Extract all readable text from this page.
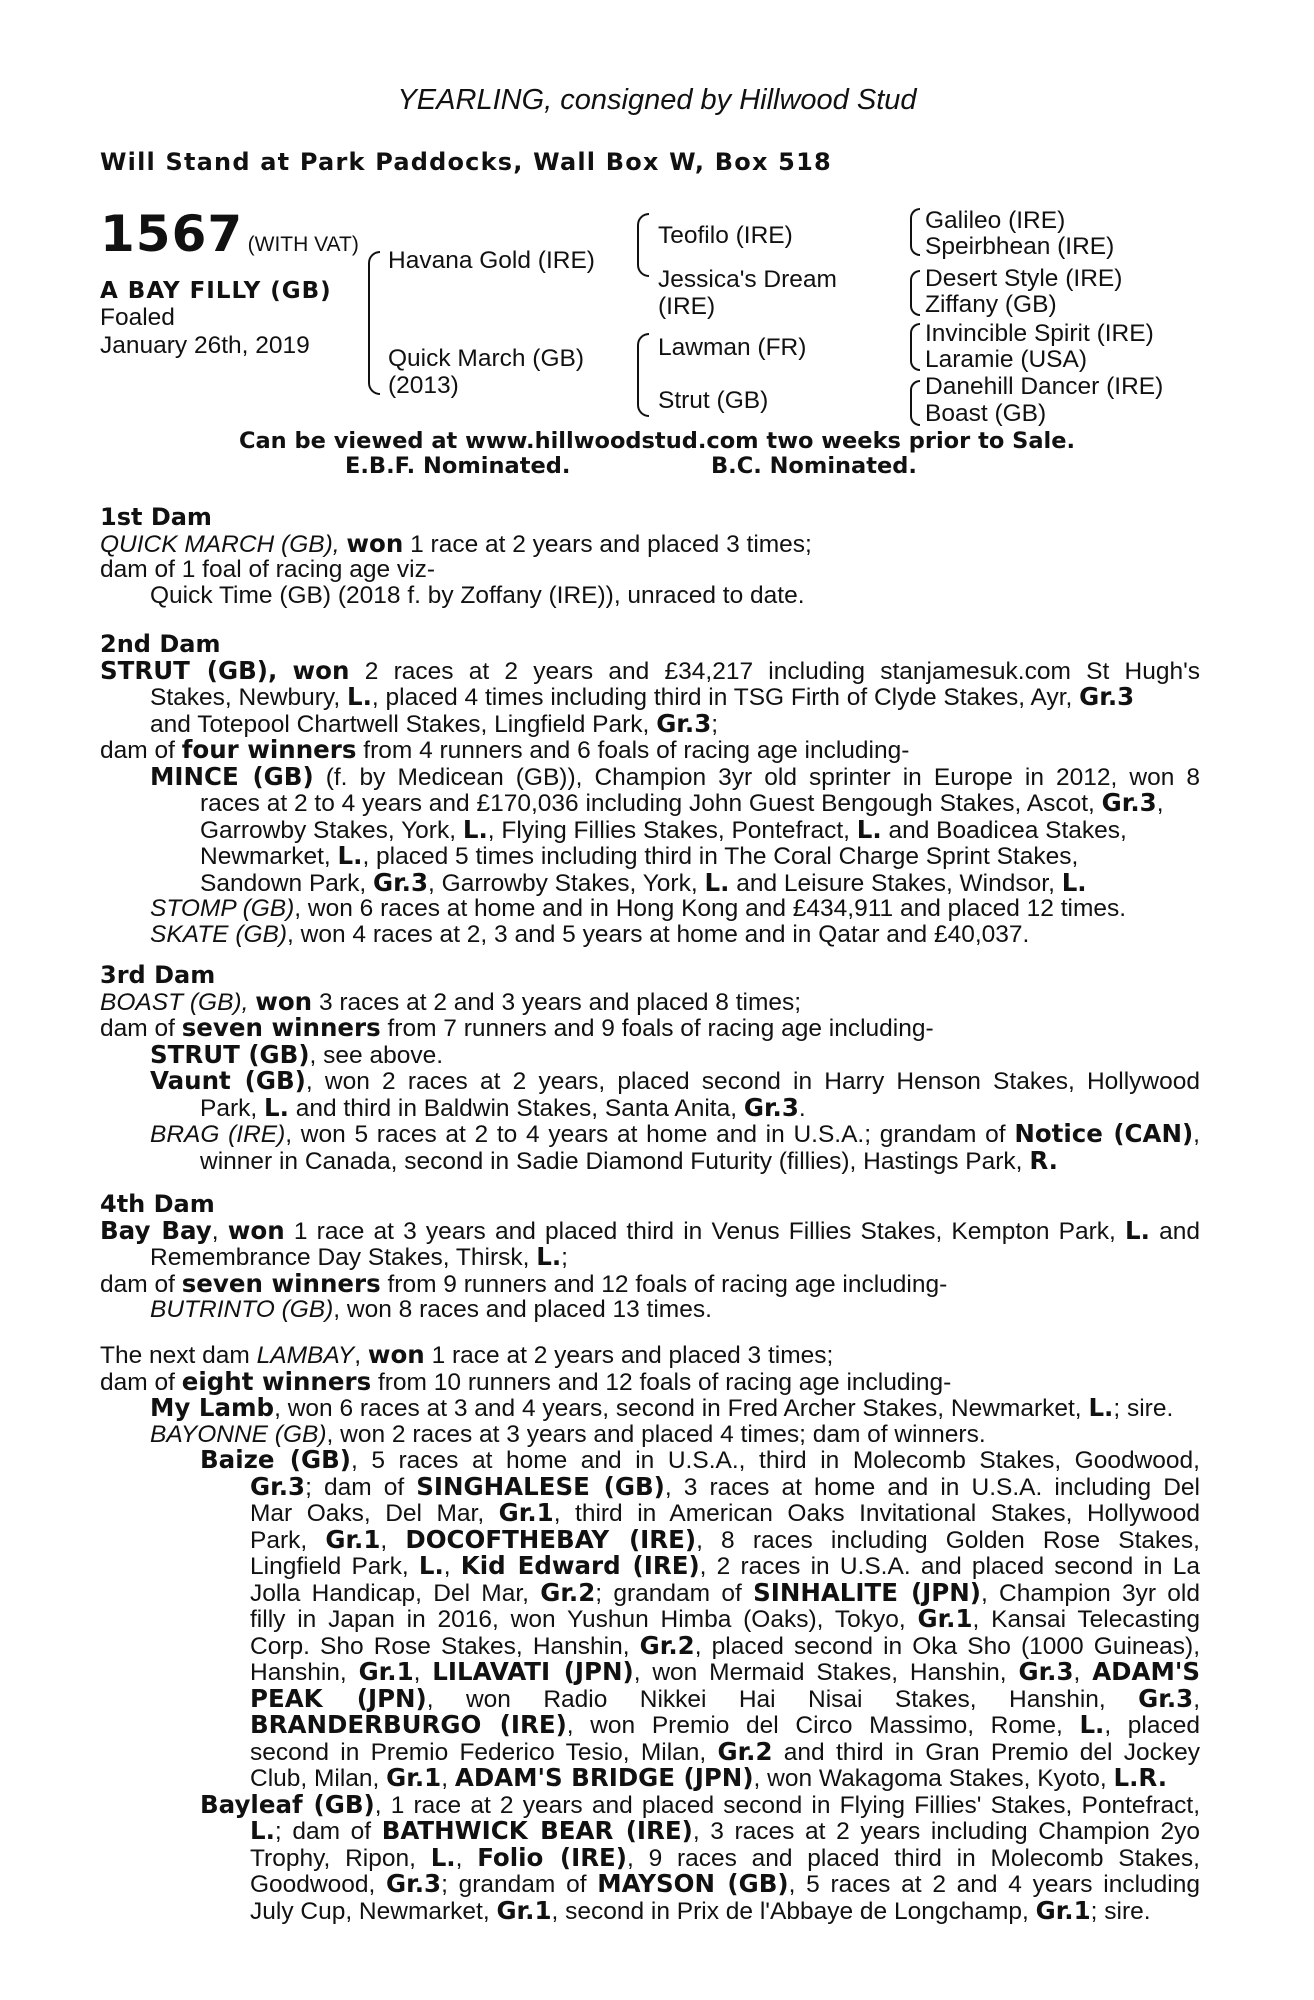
YEARLING, consigned by Hillwood Stud
Will Stand at Park Paddocks, Wall Box W, Box 518
1567 (WITH VAT)
A BAY FILLY (GB)
Foaled
January 26th, 2019
Havana Gold (IRE)
Quick March (GB)
(2013)
Teofilo (IRE)
Jessica's Dream
(IRE)
Lawman (FR)
Strut (GB)
Galileo (IRE)
Speirbhean (IRE)
Desert Style (IRE)
Ziffany (GB)
Invincible Spirit (IRE)
Laramie (USA)
Danehill Dancer (IRE)
Boast (GB)
Can be viewed at www.hillwoodstud.com two weeks prior to Sale.
E.B.F. Nominated.	B.C. Nominated.
1st Dam
QUICK MARCH (GB), won 1 race at 2 years and placed 3 times;
dam of 1 foal of racing age viz-
Quick Time (GB) (2018 f. by Zoffany (IRE)), unraced to date.
2nd Dam
STRUT (GB), won 2 races at 2 years and £34,217 including stanjamesuk.com St Hugh's
Stakes, Newbury, L., placed 4 times including third in TSG Firth of Clyde Stakes, Ayr, Gr.3
and Totepool Chartwell Stakes, Lingfield Park, Gr.3;
dam of four winners from 4 runners and 6 foals of racing age including-
MINCE (GB) (f. by Medicean (GB)), Champion 3yr old sprinter in Europe in 2012, won 8
races at 2 to 4 years and £170,036 including John Guest Bengough Stakes, Ascot, Gr.3,
Garrowby Stakes, York, L., Flying Fillies Stakes, Pontefract, L. and Boadicea Stakes,
Newmarket, L., placed 5 times including third in The Coral Charge Sprint Stakes,
Sandown Park, Gr.3, Garrowby Stakes, York, L. and Leisure Stakes, Windsor, L.
STOMP (GB), won 6 races at home and in Hong Kong and £434,911 and placed 12 times.
SKATE (GB), won 4 races at 2, 3 and 5 years at home and in Qatar and £40,037.
3rd Dam
BOAST (GB), won 3 races at 2 and 3 years and placed 8 times;
dam of seven winners from 7 runners and 9 foals of racing age including-
STRUT (GB), see above.
Vaunt (GB), won 2 races at 2 years, placed second in Harry Henson Stakes, Hollywood
Park, L. and third in Baldwin Stakes, Santa Anita, Gr.3.
BRAG (IRE), won 5 races at 2 to 4 years at home and in U.S.A.; grandam of Notice (CAN),
winner in Canada, second in Sadie Diamond Futurity (fillies), Hastings Park, R.
4th Dam
Bay Bay, won 1 race at 3 years and placed third in Venus Fillies Stakes, Kempton Park, L. and
Remembrance Day Stakes, Thirsk, L.;
dam of seven winners from 9 runners and 12 foals of racing age including-
BUTRINTO (GB), won 8 races and placed 13 times.
The next dam LAMBAY, won 1 race at 2 years and placed 3 times;
dam of eight winners from 10 runners and 12 foals of racing age including-
My Lamb, won 6 races at 3 and 4 years, second in Fred Archer Stakes, Newmarket, L.; sire.
BAYONNE (GB), won 2 races at 3 years and placed 4 times; dam of winners.
Baize (GB), 5 races at home and in U.S.A., third in Molecomb Stakes, Goodwood,
Gr.3; dam of SINGHALESE (GB), 3 races at home and in U.S.A. including Del
Mar Oaks, Del Mar, Gr.1, third in American Oaks Invitational Stakes, Hollywood
Park, Gr.1, DOCOFTHEBAY (IRE), 8 races including Golden Rose Stakes,
Lingfield Park, L., Kid Edward (IRE), 2 races in U.S.A. and placed second in La
Jolla Handicap, Del Mar, Gr.2; grandam of SINHALITE (JPN), Champion 3yr old
filly in Japan in 2016, won Yushun Himba (Oaks), Tokyo, Gr.1, Kansai Telecasting
Corp. Sho Rose Stakes, Hanshin, Gr.2, placed second in Oka Sho (1000 Guineas),
Hanshin, Gr.1, LILAVATI (JPN), won Mermaid Stakes, Hanshin, Gr.3, ADAM'S
PEAK (JPN), won Radio Nikkei Hai Nisai Stakes, Hanshin, Gr.3,
BRANDERBURGO (IRE), won Premio del Circo Massimo, Rome, L., placed
second in Premio Federico Tesio, Milan, Gr.2 and third in Gran Premio del Jockey
Club, Milan, Gr.1, ADAM'S BRIDGE (JPN), won Wakagoma Stakes, Kyoto, L.R.
Bayleaf (GB), 1 race at 2 years and placed second in Flying Fillies' Stakes, Pontefract,
L.; dam of BATHWICK BEAR (IRE), 3 races at 2 years including Champion 2yo
Trophy, Ripon, L., Folio (IRE), 9 races and placed third in Molecomb Stakes,
Goodwood, Gr.3; grandam of MAYSON (GB), 5 races at 2 and 4 years including
July Cup, Newmarket, Gr.1, second in Prix de l'Abbaye de Longchamp, Gr.1; sire.
